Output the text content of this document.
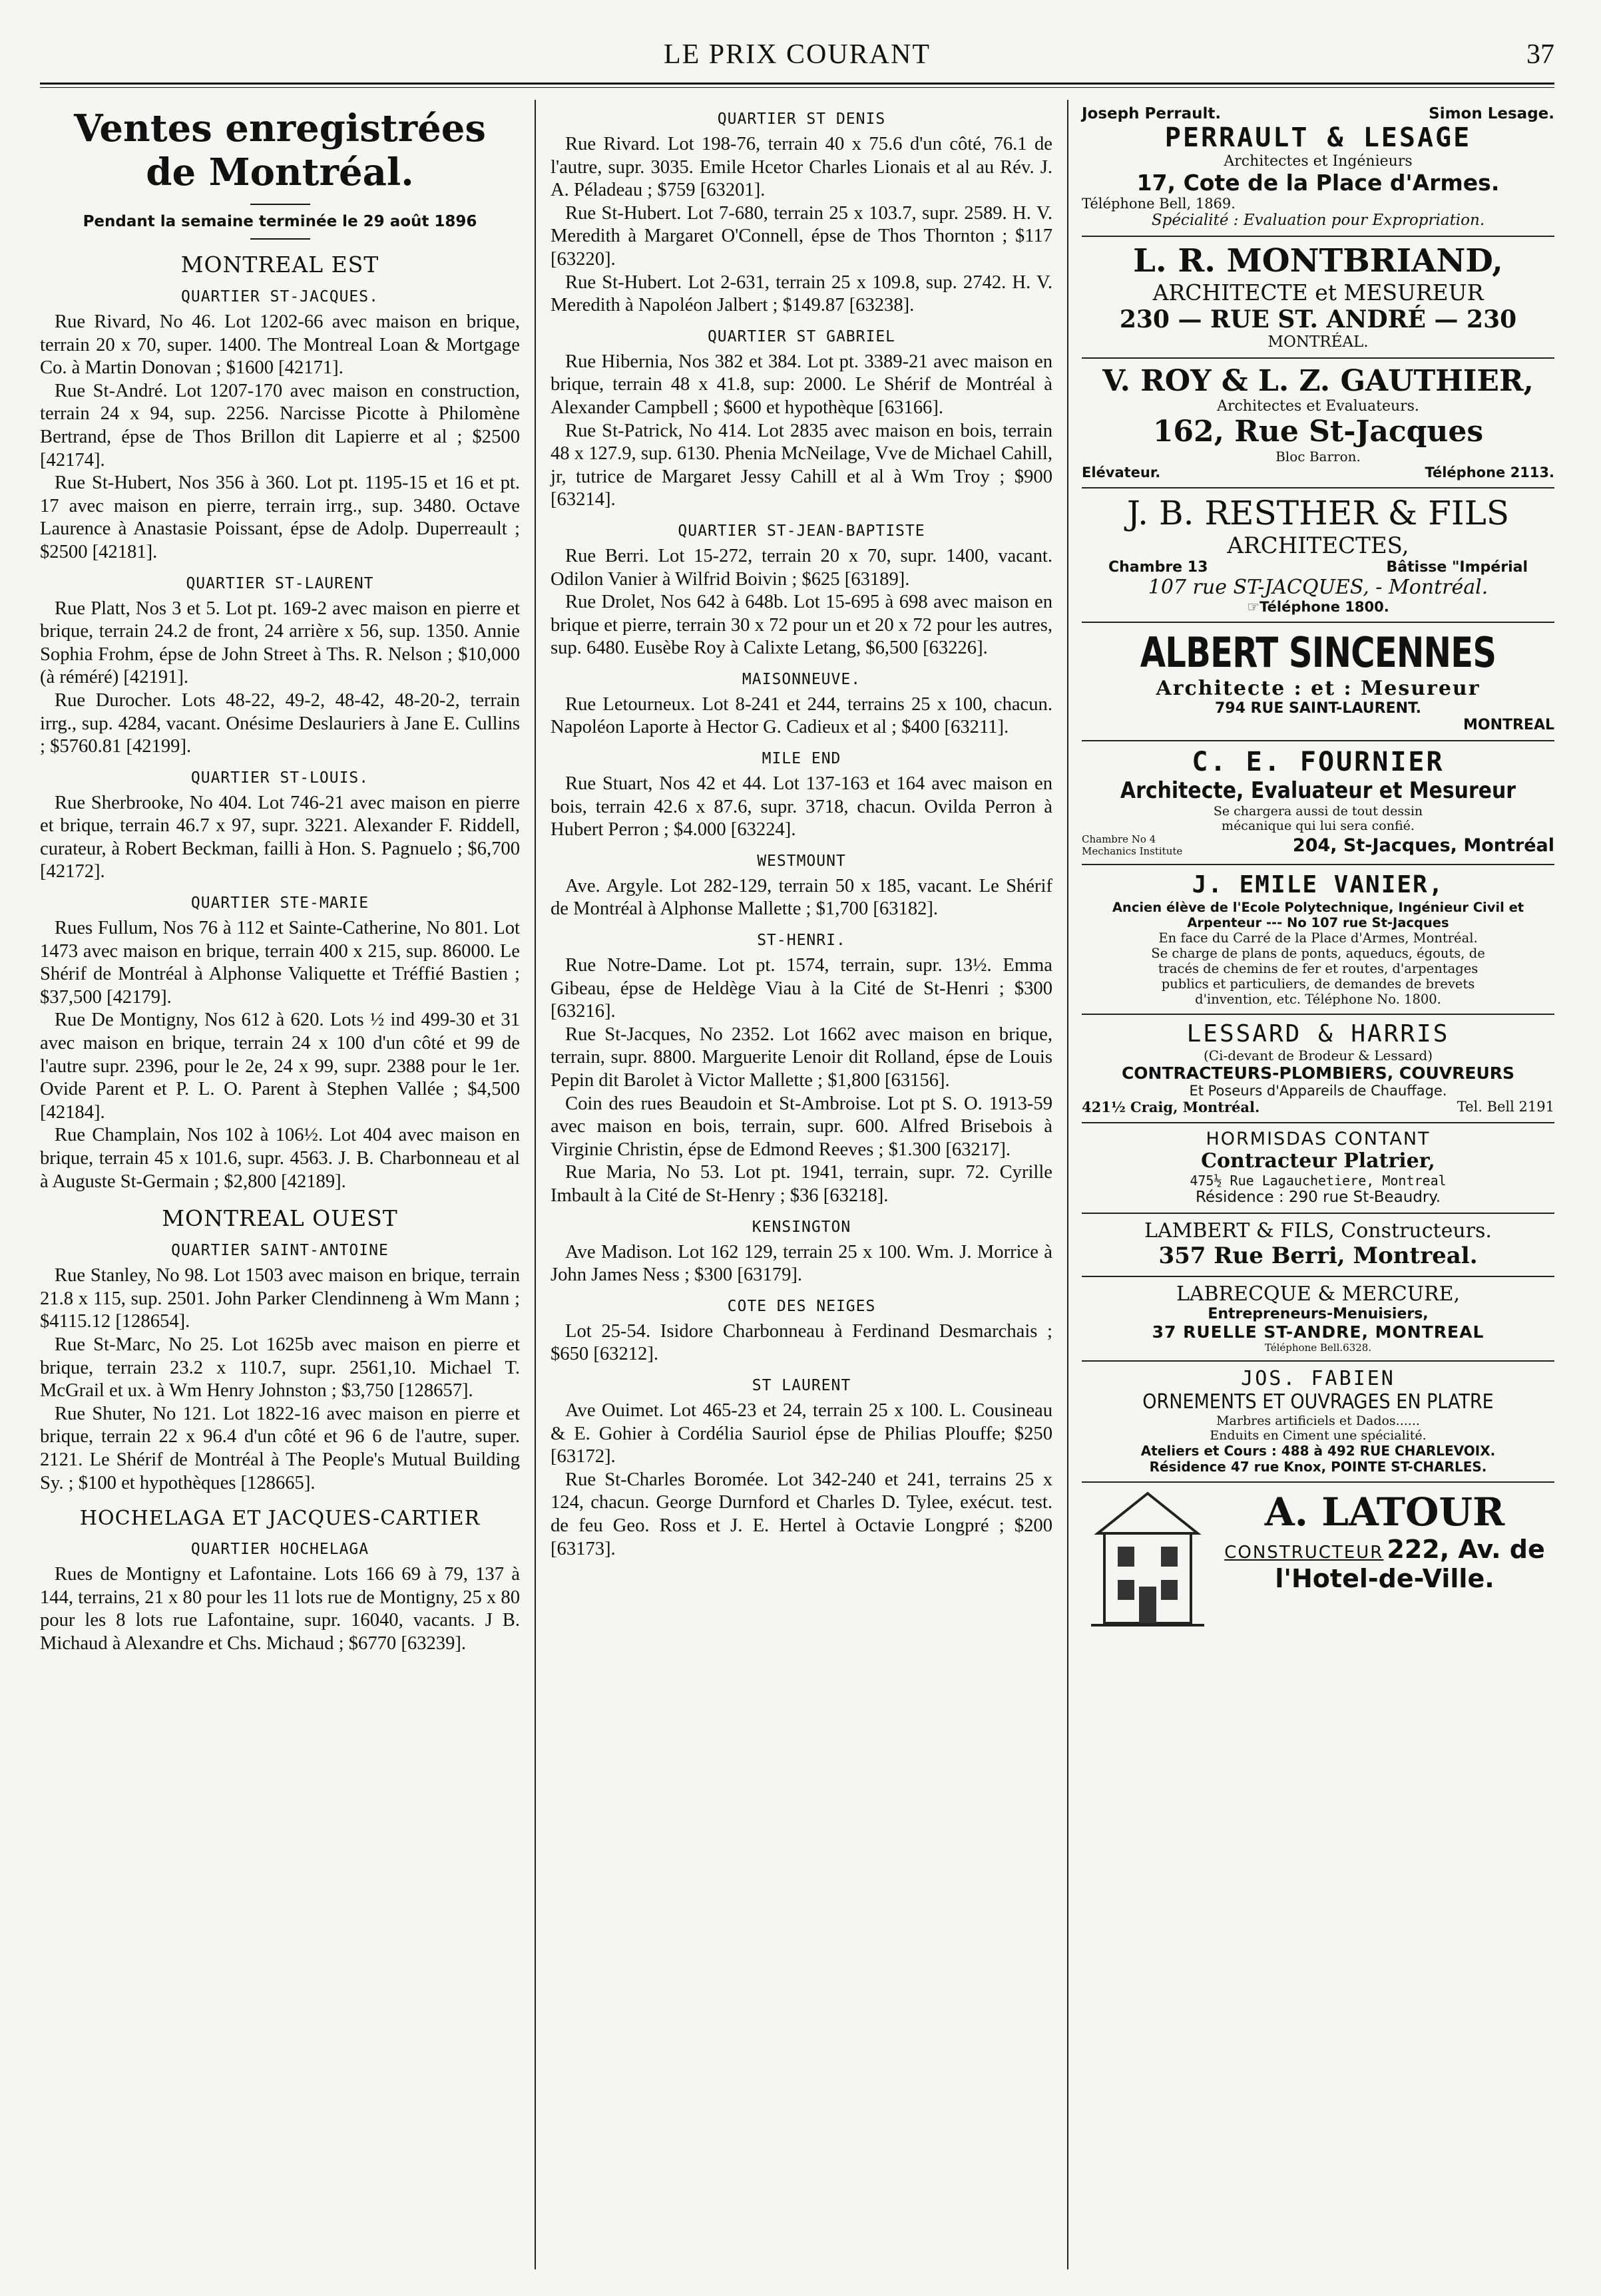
LE PRIX COURANT	37
Ventes enregistrées
de Montréal.
Pendant la semaine terminée le 29 août 1896
MONTREAL EST
QUARTIER ST-JACQUES.

Rue Rivard, No 46. Lot 1202-66 avec maison en brique, terrain 20 x 70, super. 1400. The Montreal Loan & Mortgage Co. à Martin Donovan ; $1600 [42171].

Rue St-André. Lot 1207-170 avec maison en construction, terrain 24 x 94, sup. 2256. Narcisse Picotte à Philomène Bertrand, épse de Thos Brillon dit Lapierre et al ; $2500 [42174].

Rue St-Hubert, Nos 356 à 360. Lot pt. 1195-15 et 16 et pt. 17 avec maison en pierre, terrain irrg., sup. 3480. Octave Laurence à Anastasie Poissant, épse de Adolp. Duperreault ; $2500 [42181].

QUARTIER ST-LAURENT

Rue Platt, Nos 3 et 5. Lot pt. 169-2 avec maison en pierre et brique, terrain 24.2 de front, 24 arrière x 56, sup. 1350. Annie Sophia Frohm, épse de John Street à Ths. R. Nelson ; $10,000 (à réméré) [42191].

Rue Durocher. Lots 48-22, 49-2, 48-42, 48-20-2, terrain irrg., sup. 4284, vacant. Onésime Deslauriers à Jane E. Cullins ; $5760.81 [42199].

QUARTIER ST-LOUIS.

Rue Sherbrooke, No 404. Lot 746-21 avec maison en pierre et brique, terrain 46.7 x 97, supr. 3221. Alexander F. Riddell, curateur, à Robert Beckman, failli à Hon. S. Pagnuelo ; $6,700 [42172].

QUARTIER STE-MARIE

Rues Fullum, Nos 76 à 112 et Sainte-Catherine, No 801. Lot 1473 avec maison en brique, terrain 400 x 215, sup. 86000. Le Shérif de Montréal à Alphonse Valiquette et Tréffié Bastien ; $37,500 [42179].

Rue De Montigny, Nos 612 à 620. Lots ½ ind 499-30 et 31 avec maison en brique, terrain 24 x 100 d'un côté et 99 de l'autre supr. 2396, pour le 2e, 24 x 99, supr. 2388 pour le 1er. Ovide Parent et P. L. O. Parent à Stephen Vallée ; $4,500 [42184].

Rue Champlain, Nos 102 à 106½. Lot 404 avec maison en brique, terrain 45 x 101.6, supr. 4563. J. B. Charbonneau et al à Auguste St-Germain ; $2,800 [42189].

MONTREAL OUEST
QUARTIER SAINT-ANTOINE

Rue Stanley, No 98. Lot 1503 avec maison en brique, terrain 21.8 x 115, sup. 2501. John Parker Clendinneng à Wm Mann ; $4115.12 [128654].

Rue St-Marc, No 25. Lot 1625b avec maison en pierre et brique, terrain 23.2 x 110.7, supr. 2561,10. Michael T. McGrail et ux. à Wm Henry Johnston ; $3,750 [128657].

Rue Shuter, No 121. Lot 1822-16 avec maison en pierre et brique, terrain 22 x 96.4 d'un côté et 96 6 de l'autre, super. 2121. Le Shérif de Montréal à The People's Mutual Building Sy. ; $100 et hypothèques [128665].

HOCHELAGA ET JACQUES-CARTIER
QUARTIER HOCHELAGA

Rues de Montigny et Lafontaine. Lots 166 69 à 79, 137 à 144, terrains, 21 x 80 pour les 11 lots rue de Montigny, 25 x 80 pour les 8 lots rue Lafontaine, supr. 16040, vacants. J B. Michaud à Alexandre et Chs. Michaud ; $6770 [63239].

QUARTIER ST DENIS

Rue Rivard. Lot 198-76, terrain 40 x 75.6 d'un côté, 76.1 de l'autre, supr. 3035. Emile Hcetor Charles Lionais et al au Rév. J. A. Péladeau ; $759 [63201].

Rue St-Hubert. Lot 7-680, terrain 25 x 103.7, supr. 2589. H. V. Meredith à Margaret O'Connell, épse de Thos Thornton ; $117 [63220].

Rue St-Hubert. Lot 2-631, terrain 25 x 109.8, sup. 2742. H. V. Meredith à Napoléon Jalbert ; $149.87 [63238].

QUARTIER ST GABRIEL

Rue Hibernia, Nos 382 et 384. Lot pt. 3389-21 avec maison en brique, terrain 48 x 41.8, sup: 2000. Le Shérif de Montréal à Alexander Campbell ; $600 et hypothèque [63166].

Rue St-Patrick, No 414. Lot 2835 avec maison en bois, terrain 48 x 127.9, sup. 6130. Phenia McNeilage, Vve de Michael Cahill, jr, tutrice de Margaret Jessy Cahill et al à Wm Troy ; $900 [63214].

QUARTIER ST-JEAN-BAPTISTE

Rue Berri. Lot 15-272, terrain 20 x 70, supr. 1400, vacant. Odilon Vanier à Wilfrid Boivin ; $625 [63189].

Rue Drolet, Nos 642 à 648b. Lot 15-695 à 698 avec maison en brique et pierre, terrain 30 x 72 pour un et 20 x 72 pour les autres, sup. 6480. Eusèbe Roy à Calixte Letang, $6,500 [63226].

MAISONNEUVE.

Rue Letourneux. Lot 8-241 et 244, terrains 25 x 100, chacun. Napoléon Laporte à Hector G. Cadieux et al ; $400 [63211].

MILE END

Rue Stuart, Nos 42 et 44. Lot 137-163 et 164 avec maison en bois, terrain 42.6 x 87.6, supr. 3718, chacun. Ovilda Perron à Hubert Perron ; $4.000 [63224].

WESTMOUNT

Ave. Argyle. Lot 282-129, terrain 50 x 185, vacant. Le Shérif de Montréal à Alphonse Mallette ; $1,700 [63182].

ST-HENRI.

Rue Notre-Dame. Lot pt. 1574, terrain, supr. 13½. Emma Gibeau, épse de Heldège Viau à la Cité de St-Henri ; $300 [63216].

Rue St-Jacques, No 2352. Lot 1662 avec maison en brique, terrain, supr. 8800. Marguerite Lenoir dit Rolland, épse de Louis Pepin dit Barolet à Victor Mallette ; $1,800 [63156].

Coin des rues Beaudoin et St-Ambroise. Lot pt S. O. 1913-59 avec maison en bois, terrain, supr. 600. Alfred Brisebois à Virginie Christin, épse de Edmond Reeves ; $1.300 [63217].

Rue Maria, No 53. Lot pt. 1941, terrain, supr. 72. Cyrille Imbault à la Cité de St-Henry ; $36 [63218].

KENSINGTON

Ave Madison. Lot 162 129, terrain 25 x 100. Wm. J. Morrice à John James Ness ; $300 [63179].

COTE DES NEIGES

Lot 25-54. Isidore Charbonneau à Ferdinand Desmarchais ; $650 [63212].

ST LAURENT

Ave Ouimet. Lot 465-23 et 24, terrain 25 x 100. L. Cousineau & E. Gohier à Cordélia Sauriol épse de Philias Plouffe; $250 [63172].

Rue St-Charles Boromée. Lot 342-240 et 241, terrains 25 x 124, chacun. George Durnford et Charles D. Tylee, exécut. test. de feu Geo. Ross et J. E. Hertel à Octavie Longpré ; $200 [63173].

Joseph Perrault.	Simon Lesage.
PERRAULT & LESAGE
Architectes et Ingénieurs
17, Cote de la Place d'Armes.
Téléphone Bell, 1869.
Spécialité : Evaluation pour Expropriation.
L. R. MONTBRIAND,
ARCHITECTE et MESUREUR
230 — RUE ST. ANDRÉ — 230
MONTRÉAL.
V. ROY & L. Z. GAUTHIER,
Architectes et Evaluateurs.
162, Rue St-Jacques
Bloc Barron.
Elévateur.	Téléphone 2113.
J. B. RESTHER & FILS
ARCHITECTES,
Chambre 13	Bâtisse "Impérial
107 rue ST-JACQUES, - Montréal.
☞Téléphone 1800.
ALBERT SINCENNES
Architecte : et : Mesureur
794 RUE SAINT-LAURENT.
MONTREAL
C. E. FOURNIER
Architecte, Evaluateur et Mesureur
Se chargera aussi de tout dessin
mécanique qui lui sera confié.
Chambre No 4
Mechanics Institute	204, St-Jacques, Montréal
J. EMILE VANIER,
Ancien élève de l'Ecole Polytechnique, Ingénieur Civil et
Arpenteur --- No 107 rue St-Jacques
En face du Carré de la Place d'Armes, Montréal.
Se charge de plans de ponts, aqueducs, égouts, de
tracés de chemins de fer et routes, d'arpentages
publics et particuliers, de demandes de brevets
d'invention, etc. Téléphone No. 1800.
LESSARD & HARRIS
(Ci-devant de Brodeur & Lessard)
CONTRACTEURS-PLOMBIERS, COUVREURS
Et Poseurs d'Appareils de Chauffage.
421½ Craig, Montréal.	Tel. Bell 2191
HORMISDAS CONTANT
Contracteur Platrier,
475½ Rue Lagauchetiere, Montreal
Résidence : 290 rue St-Beaudry.
LAMBERT & FILS, Constructeurs.
357 Rue Berri, Montreal.
LABRECQUE & MERCURE,
Entrepreneurs-Menuisiers,
37 RUELLE ST-ANDRE, MONTREAL
Téléphone Bell.6328.
JOS. FABIEN
ORNEMENTS ET OUVRAGES EN PLATRE
Marbres artificiels et Dados......
Enduits en Ciment une spécialité.
Ateliers et Cours : 488 à 492 RUE CHARLEVOIX.
Résidence 47 rue Knox, POINTE ST-CHARLES.
A. LATOUR CONSTRUCTEUR 222, Av. de l'Hotel-de-Ville.
